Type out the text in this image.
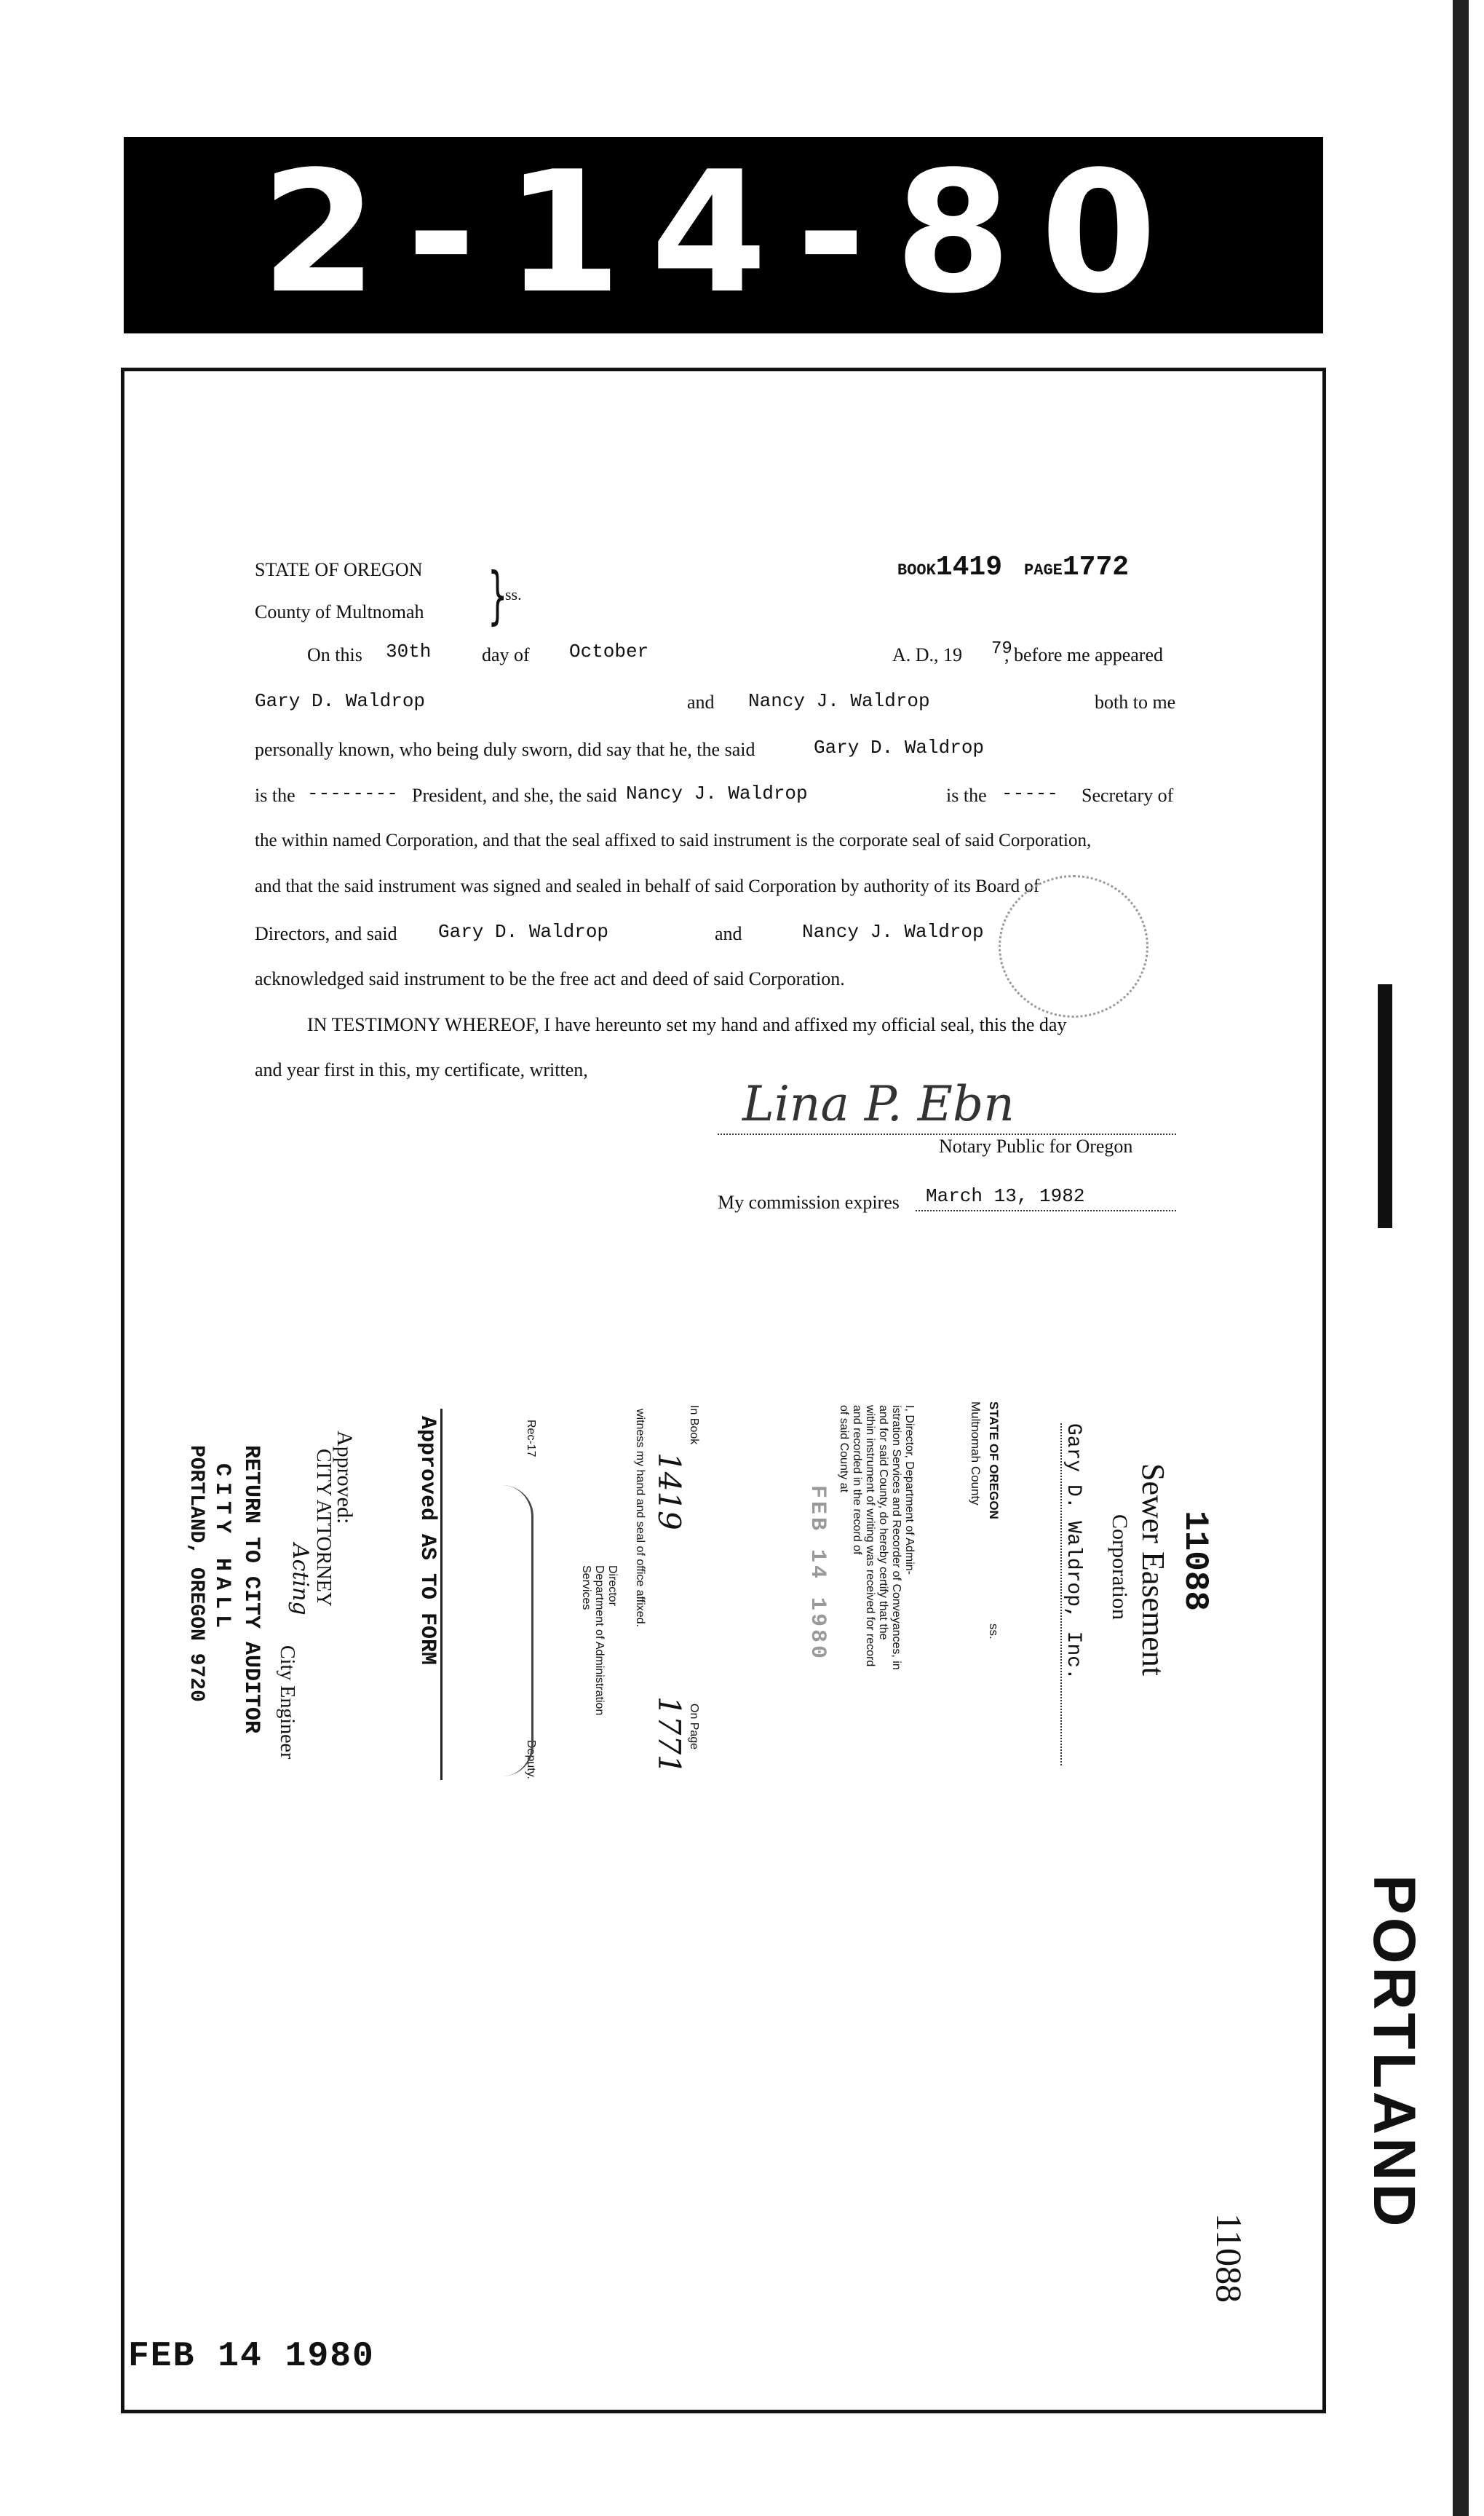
2-14-80
STATE OF OREGON
County of Multnomah }
ss.
BOOK1419 PAGE1772
On this 30th	day of October	A. D., 19 79
, before me appeared
Gary D. Waldrop	and Nancy J. Waldrop	both to me
personally known, who being duly sworn, did say that he, the said	Gary D. Waldrop
is the -------- President, and she, the said Nancy J. Waldrop	is the ----- Secretary of
the within named Corporation, and that the seal affixed to said instrument is the corporate seal of said Corporation,
and that the said instrument was signed and sealed in behalf of said Corporation by authority of its Board of
Directors, and said Gary D. Waldrop	and	Nancy J. Waldrop
acknowledged said instrument to be the free act and deed of said Corporation.
IN TESTIMONY WHEREOF, I have hereunto set my hand and affixed my official seal, this the day
and year first in this, my certificate, written,
Lina P. Ebn
Notary Public for Oregon
My commission expires March 13, 1982
11088
Sewer Easement
Corporation
Gary D. Waldrop, Inc.
STATE OF OREGON
Multnomah County
ss.
I, Director, Department of Admin-
istration Services and Recorder of Conveyances, in
and for said County, do hereby certify that the
within instrument of writing was received for record
and recorded in the record of
of said County at
FEB 14 1980
In Book
1419
On Page
1771
witness my hand and seal of office affixed.
Director
Department of Administration
Services
Rec-17
Deputy.
Approved AS TO FORM
Approved:
CITY ATTORNEY
Acting
City Engineer
RETURN TO CITY AUDITOR
CITY HALL
PORTLAND, OREGON 9720
PORTLAND
11088
FEB 14 1980
